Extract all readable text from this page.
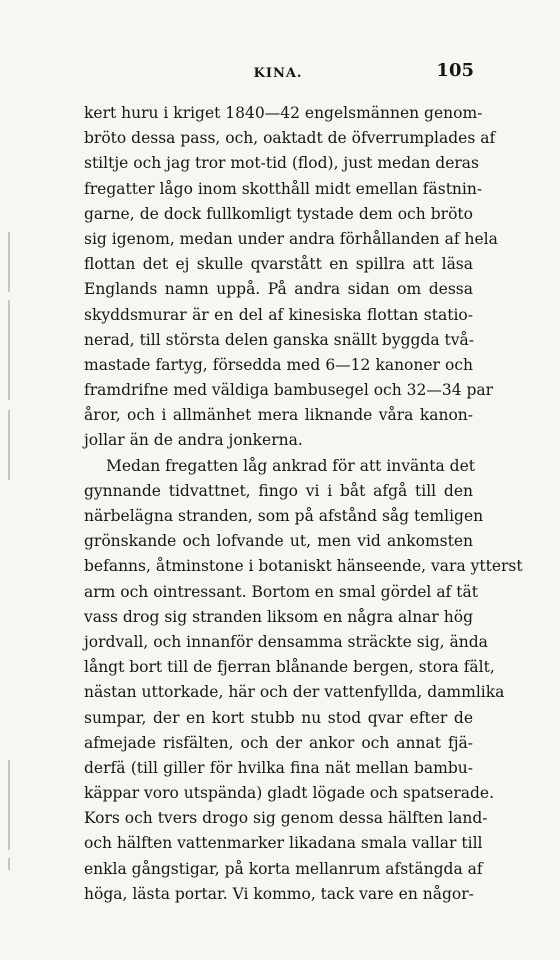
KINA.	105
kert huru i kriget 1840—42 engelsmännen genom-
bröto dessa pass, och, oaktadt de öfverrumplades af
stiltje och jag tror mot-tid (flod), just medan deras
fregatter lågo inom skotthåll midt emellan fästnin-
garne, de dock fullkomligt tystade dem och bröto
sig igenom, medan under andra förhållanden af hela
flottan det ej skulle qvarstått en spillra att läsa
Englands namn uppå. På andra sidan om dessa
skyddsmurar är en del af kinesiska flottan statio-
nerad, till största delen ganska snällt byggda två-
mastade fartyg, försedda med 6—12 kanoner och
framdrifne med väldiga bambusegel och 32—34 par
åror, och i allmänhet mera liknande våra kanon-
jollar än de andra jonkerna.
Medan fregatten låg ankrad för att invänta det
gynnande tidvattnet, fingo vi i båt afgå till den
närbelägna stranden, som på afstånd såg temligen
grönskande och lofvande ut, men vid ankomsten
befanns, åtminstone i botaniskt hänseende, vara ytterst
arm och ointressant. Bortom en smal gördel af tät
vass drog sig stranden liksom en några alnar hög
jordvall, och innanför densamma sträckte sig, ända
långt bort till de fjerran blånande bergen, stora fält,
nästan uttorkade, här och der vattenfyllda, dammlika
sumpar, der en kort stubb nu stod qvar efter de
afmejade risfälten, och der ankor och annat fjä-
derfä (till giller för hvilka fina nät mellan bambu-
käppar voro utspända) gladt lögade och spatserade.
Kors och tvers drogo sig genom dessa hälften land-
och hälften vattenmarker likadana smala vallar till
enkla gångstigar, på korta mellanrum afstängda af
höga, lästa portar. Vi kommo, tack vare en någor-
